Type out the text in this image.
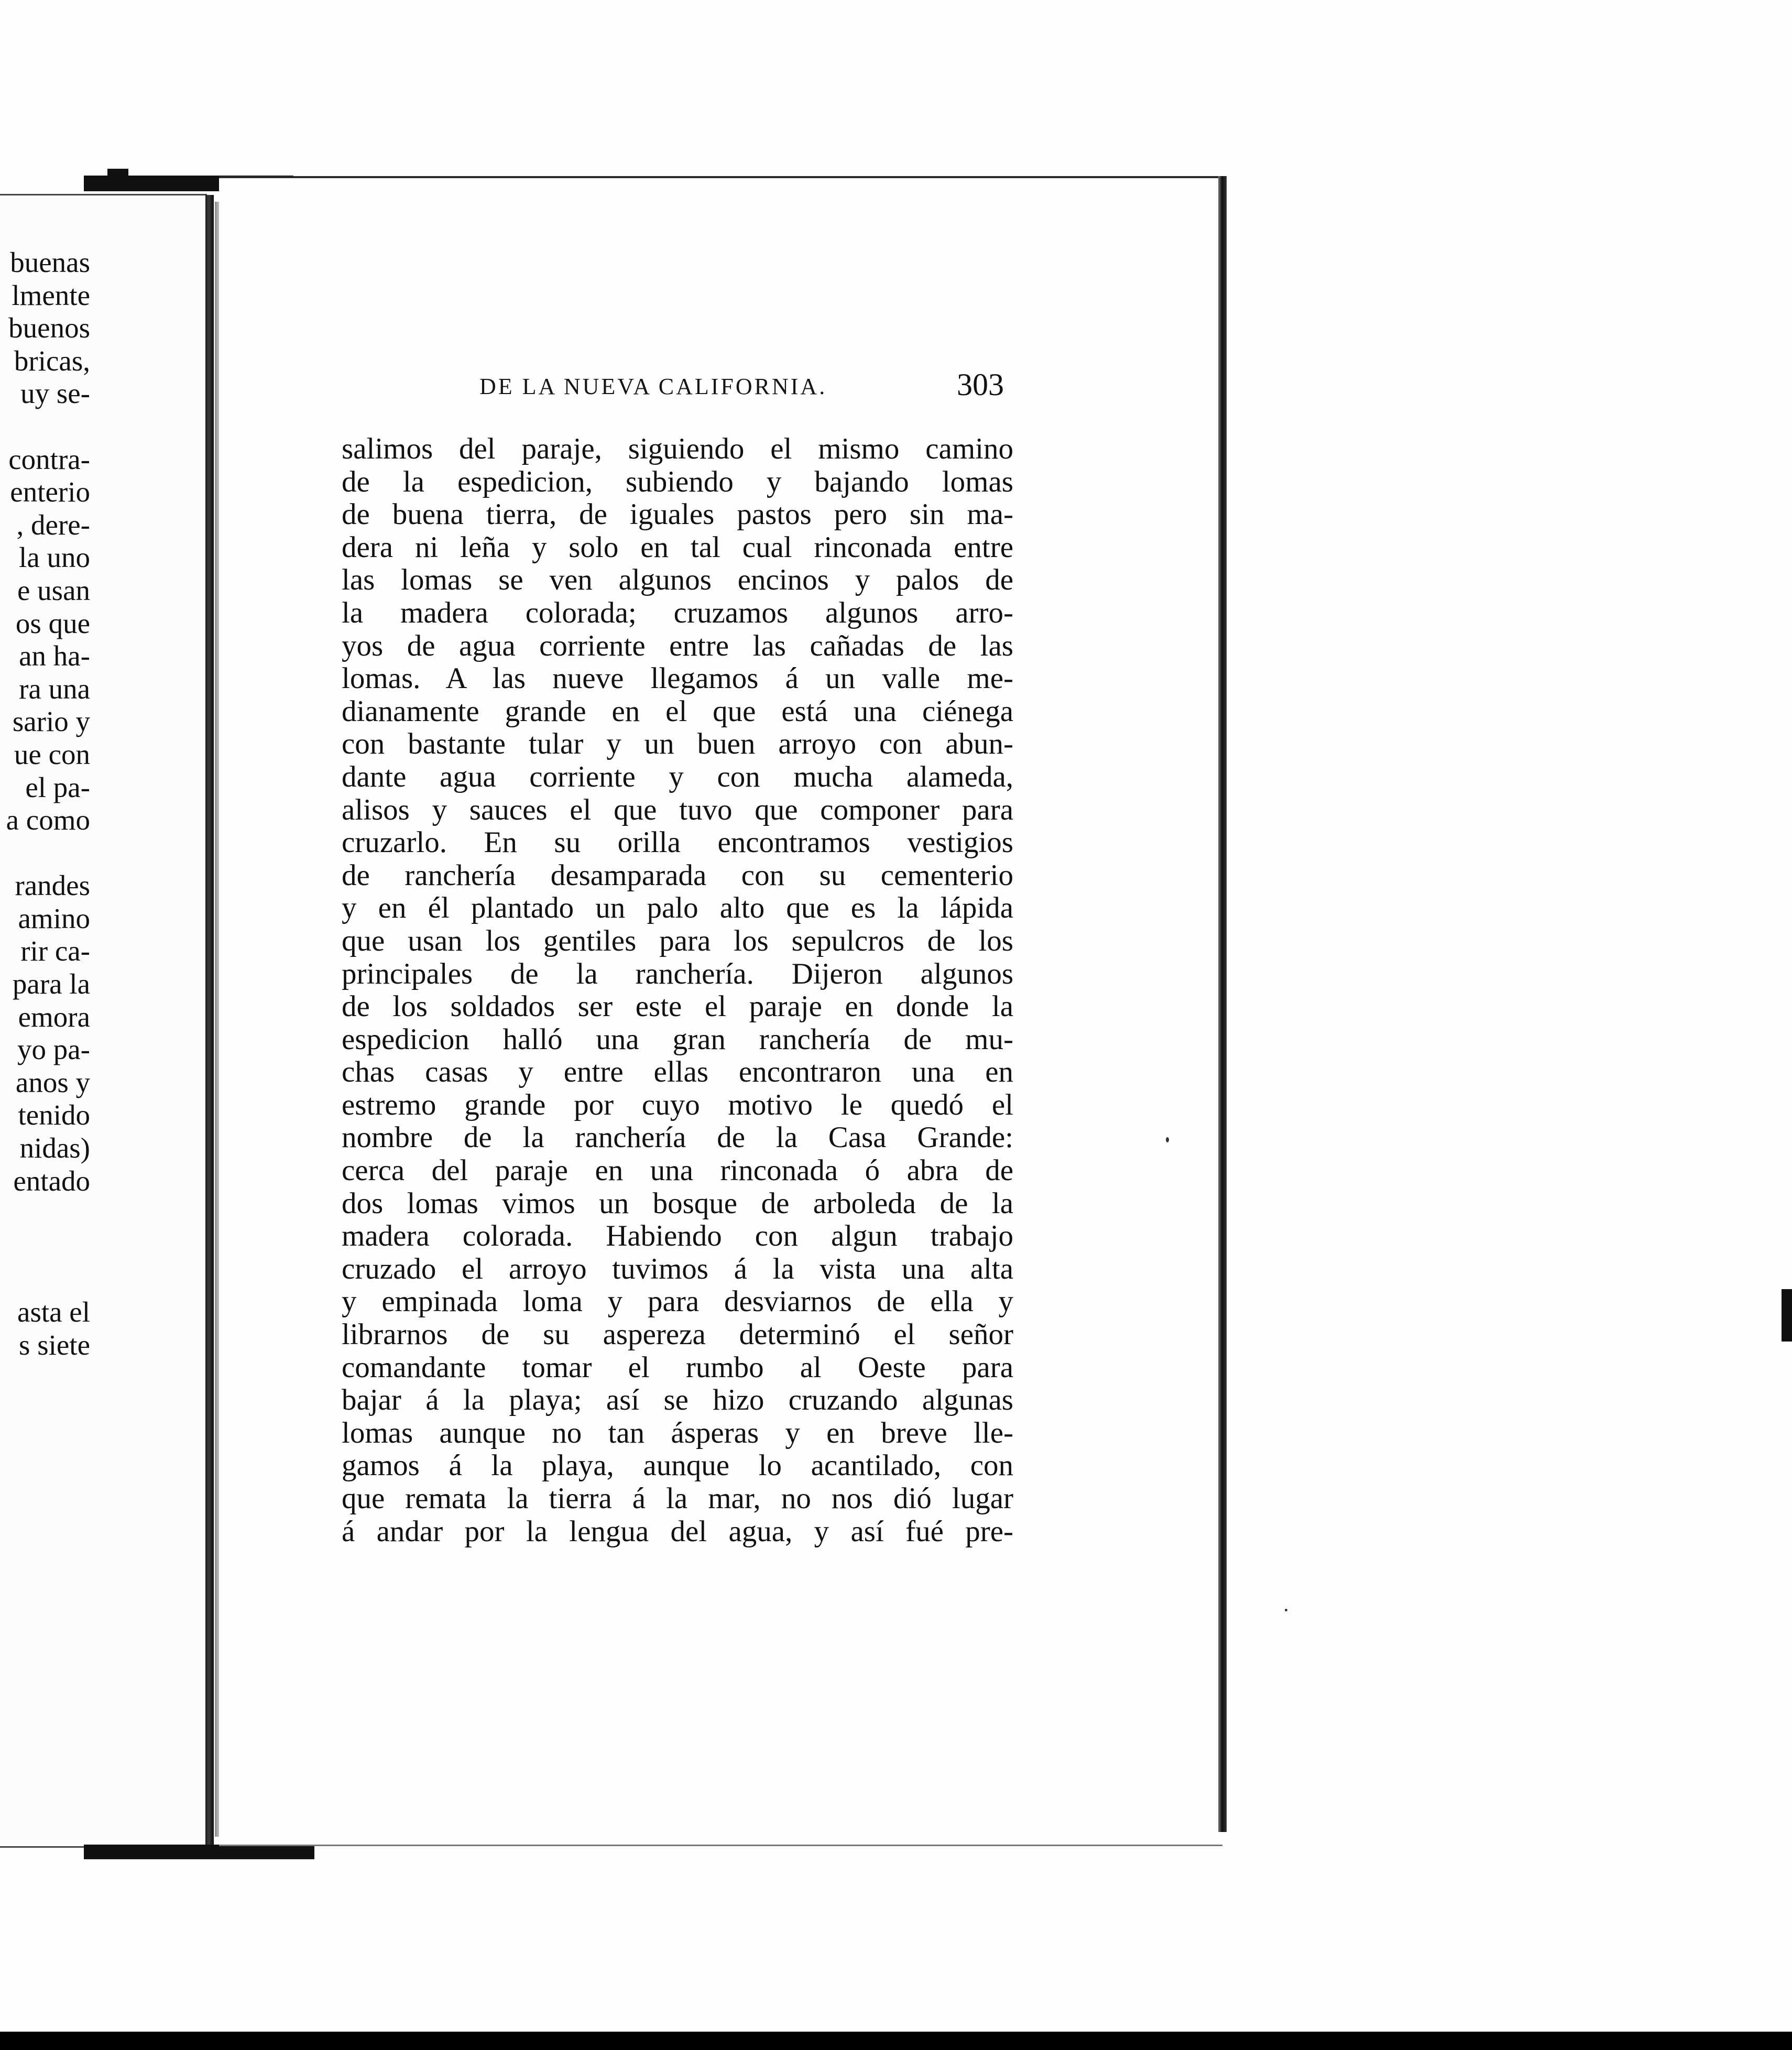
buenas
lmente
buenos
bricas,
uy se-
contra-
enterio
, dere-
la uno
e usan
os que
an ha-
ra una
sario y
ue con
el pa-
a como
randes
amino
rir ca-
para la
emora
yo pa-
anos y
tenido
nidas)
entado
asta el
s siete
DE LA NUEVA CALIFORNIA.	303
salimos del paraje, siguiendo el mismo camino
de la espedicion, subiendo y bajando lomas
de buena tierra, de iguales pastos pero sin ma-
dera ni leña y solo en tal cual rinconada entre
las lomas se ven algunos encinos y palos de
la madera colorada; cruzamos algunos arro-
yos de agua corriente entre las cañadas de las
lomas. A las nueve llegamos á un valle me-
dianamente grande en el que está una ciénega
con bastante tular y un buen arroyo con abun-
dante agua corriente y con mucha alameda,
alisos y sauces el que tuvo que componer para
cruzarlo. En su orilla encontramos vestigios
de ranchería desamparada con su cementerio
y en él plantado un palo alto que es la lápida
que usan los gentiles para los sepulcros de los
principales de la ranchería. Dijeron algunos
de los soldados ser este el paraje en donde la
espedicion halló una gran ranchería de mu-
chas casas y entre ellas encontraron una en
estremo grande por cuyo motivo le quedó el
nombre de la ranchería de la Casa Grande:
cerca del paraje en una rinconada ó abra de
dos lomas vimos un bosque de arboleda de la
madera colorada. Habiendo con algun trabajo
cruzado el arroyo tuvimos á la vista una alta
y empinada loma y para desviarnos de ella y
librarnos de su aspereza determinó el señor
comandante tomar el rumbo al Oeste para
bajar á la playa; así se hizo cruzando algunas
lomas aunque no tan ásperas y en breve lle-
gamos á la playa, aunque lo acantilado, con
que remata la tierra á la mar, no nos dió lugar
á andar por la lengua del agua, y así fué pre-
